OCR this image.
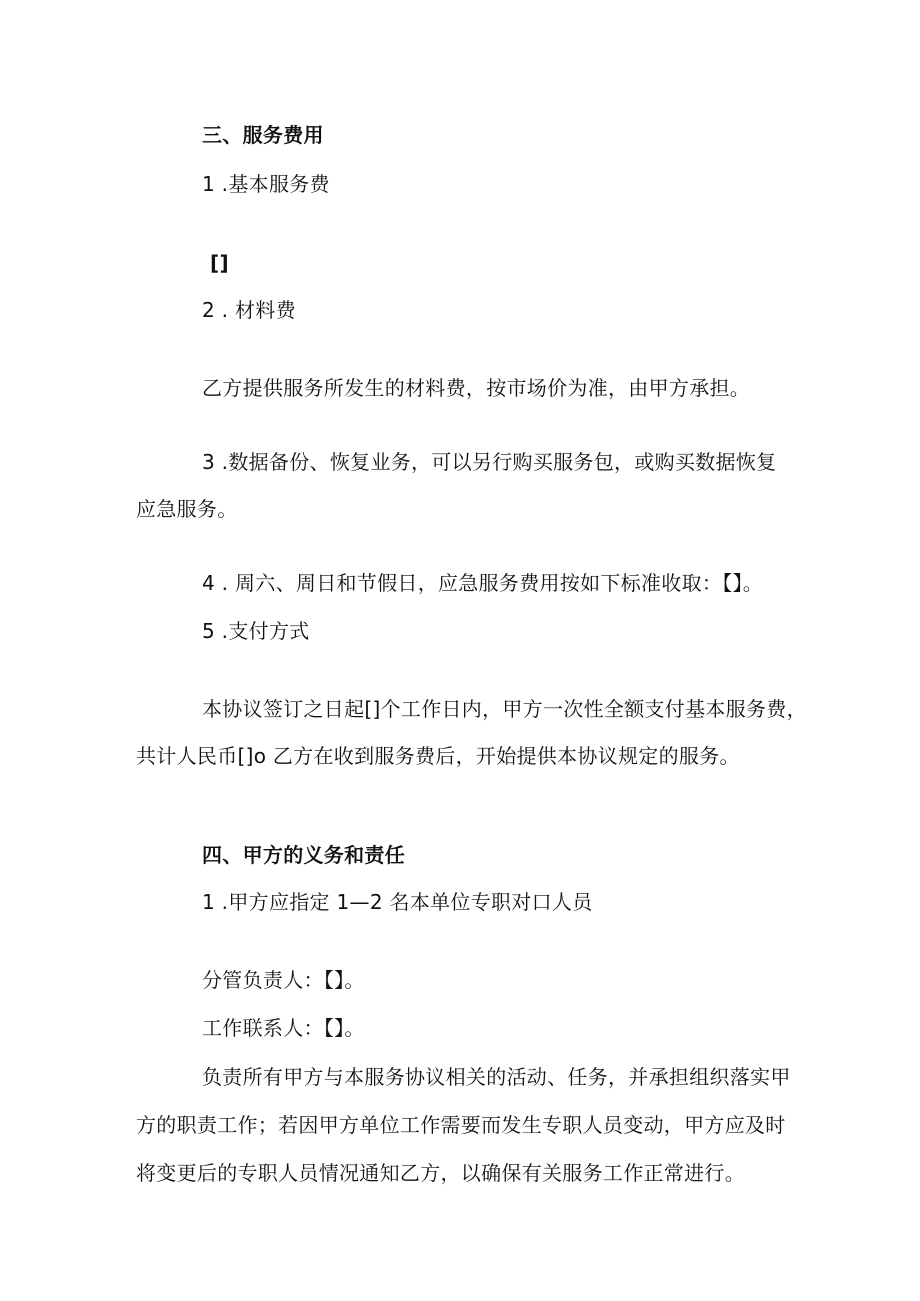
三、服务费用
1 .基本服务费
[]
2 . 材料费
乙方提供服务所发生的材料费，按市场价为准，由甲方承担。
3 .数据备份、恢复业务，可以另行购买服务包，或购买数据恢复
应急服务。
4 . 周六、周日和节假日，应急服务费用按如下标准收取：【】。
5 .支付方式
本协议签订之日起[]个工作日内，甲方一次性全额支付基本服务费，
共计人民币[]o 乙方在收到服务费后，开始提供本协议规定的服务。
四、甲方的义务和责任
1 .甲方应指定 1—2 名本单位专职对口人员
分管负责人：【】。
工作联系人：【】。
负责所有甲方与本服务协议相关的活动、任务，并承担组织落实甲
方的职责工作；若因甲方单位工作需要而发生专职人员变动，甲方应及时
将变更后的专职人员情况通知乙方，以确保有关服务工作正常进行。
